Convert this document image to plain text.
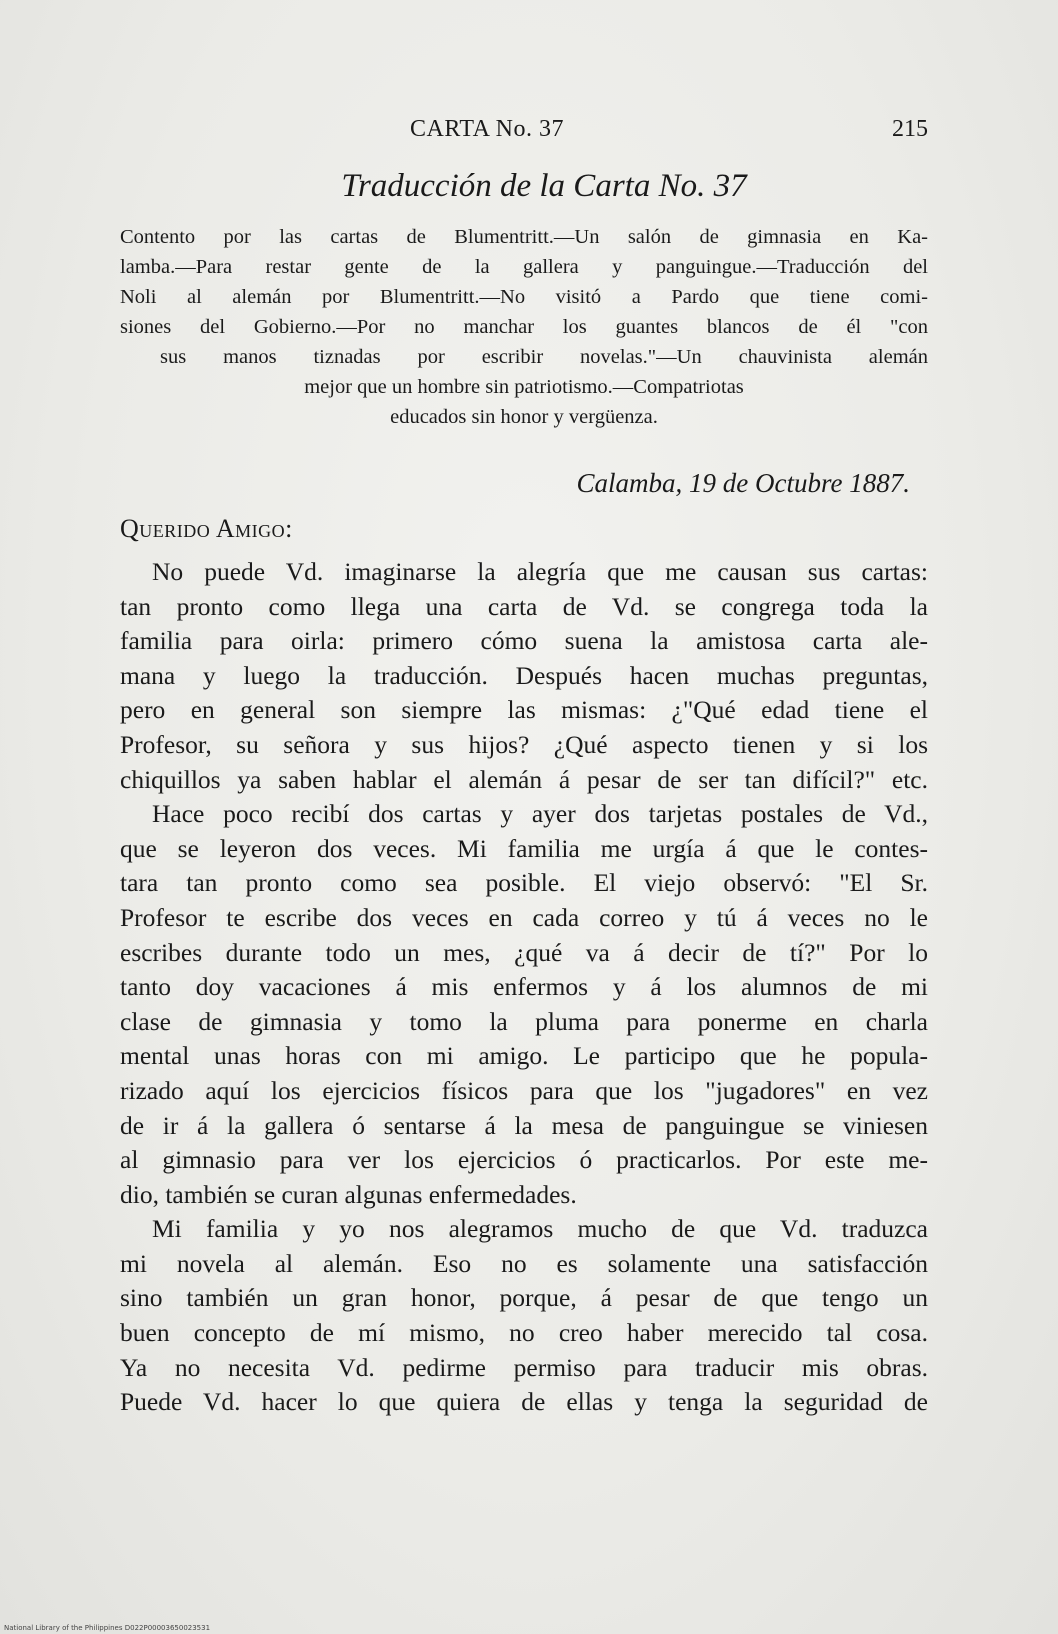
CARTA No. 37	215
Traducción de la Carta No. 37

Contento por las cartas de Blumentritt.—Un salón de gimnasia en Ka-

lamba.—Para restar gente de la gallera y panguingue.—Traducción del

Noli al alemán por Blumentritt.—No visitó a Pardo que tiene comi-

siones del Gobierno.—Por no manchar los guantes blancos de él "con

sus manos tiznadas por escribir novelas."—Un chauvinista alemán

mejor que un hombre sin patriotismo.—Compatriotas

educados sin honor y vergüenza.

Calamba, 19 de Octubre 1887.
Querido Amigo:
No puede Vd. imaginarse la alegría que me causan sus cartas:
tan pronto como llega una carta de Vd. se congrega toda la
familia para oirla: primero cómo suena la amistosa carta ale-
mana y luego la traducción. Después hacen muchas preguntas,
pero en general son siempre las mismas: ¿"Qué edad tiene el
Profesor, su señora y sus hijos? ¿Qué aspecto tienen y si los
chiquillos ya saben hablar el alemán á pesar de ser tan difícil?" etc.
Hace poco recibí dos cartas y ayer dos tarjetas postales de Vd.,
que se leyeron dos veces. Mi familia me urgía á que le contes-
tara tan pronto como sea posible. El viejo observó: "El Sr.
Profesor te escribe dos veces en cada correo y tú á veces no le
escribes durante todo un mes, ¿qué va á decir de tí?" Por lo
tanto doy vacaciones á mis enfermos y á los alumnos de mi
clase de gimnasia y tomo la pluma para ponerme en charla
mental unas horas con mi amigo. Le participo que he popula-
rizado aquí los ejercicios físicos para que los "jugadores" en vez
de ir á la gallera ó sentarse á la mesa de panguingue se viniesen
al gimnasio para ver los ejercicios ó practicarlos. Por este me-
dio, también se curan algunas enfermedades.
Mi familia y yo nos alegramos mucho de que Vd. traduzca
mi novela al alemán. Eso no es solamente una satisfacción
sino también un gran honor, porque, á pesar de que tengo un
buen concepto de mí mismo, no creo haber merecido tal cosa.
Ya no necesita Vd. pedirme permiso para traducir mis obras.
Puede Vd. hacer lo que quiera de ellas y tenga la seguridad de
National Library of the Philippines D022P00003650023531
